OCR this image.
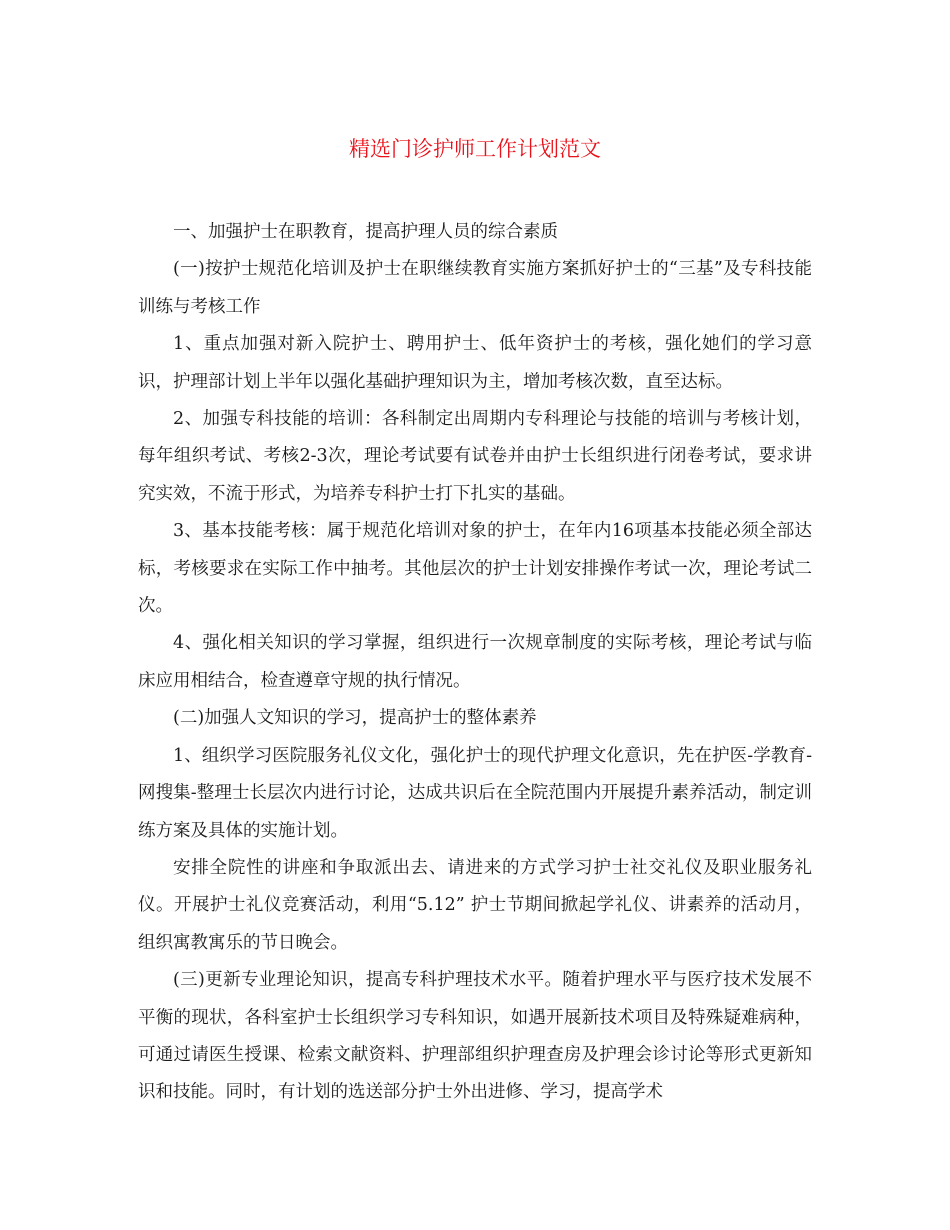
精选门诊护师工作计划范文

一、加强护士在职教育，提高护理人员的综合素质

(一)按护士规范化培训及护士在职继续教育实施方案抓好护士的“三基”及专科技能训练与考核工作

1、重点加强对新入院护士、聘用护士、低年资护士的考核，强化她们的学习意识，护理部计划上半年以强化基础护理知识为主，增加考核次数，直至达标。

2、加强专科技能的培训：各科制定出周期内专科理论与技能的培训与考核计划，每年组织考试、考核2-3次，理论考试要有试卷并由护士长组织进行闭卷考试，要求讲究实效，不流于形式，为培养专科护士打下扎实的基础。

3、基本技能考核：属于规范化培训对象的护士，在年内16项基本技能必须全部达标，考核要求在实际工作中抽考。其他层次的护士计划安排操作考试一次，理论考试二次。

4、强化相关知识的学习掌握，组织进行一次规章制度的实际考核，理论考试与临床应用相结合，检查遵章守规的执行情况。

(二)加强人文知识的学习，提高护士的整体素养

1、组织学习医院服务礼仪文化，强化护士的现代护理文化意识，先在护医-学教育-网搜集-整理士长层次内进行讨论，达成共识后在全院范围内开展提升素养活动，制定训练方案及具体的实施计划。

安排全院性的讲座和争取派出去、请进来的方式学习护士社交礼仪及职业服务礼仪。开展护士礼仪竞赛活动，利用“5.12” 护士节期间掀起学礼仪、讲素养的活动月，组织寓教寓乐的节日晚会。

(三)更新专业理论知识，提高专科护理技术水平。随着护理水平与医疗技术发展不平衡的现状，各科室护士长组织学习专科知识，如遇开展新技术项目及特殊疑难病种，可通过请医生授课、检索文献资料、护理部组织护理查房及护理会诊讨论等形式更新知识和技能。同时，有计划的选送部分护士外出进修、学习，提高学术
